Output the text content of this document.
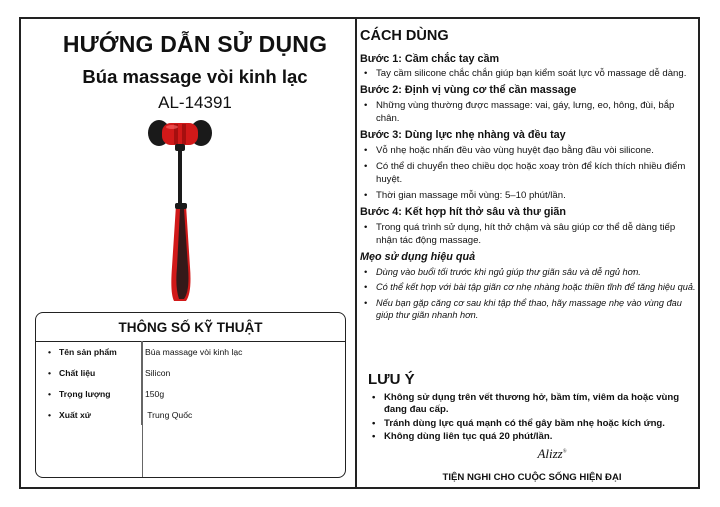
HƯỚNG DẪN SỬ DỤNG
Búa massage vòi kinh lạc
AL-14391
THÔNG SỐ KỸ THUẬT
• Tên sản phẩm	Búa massage vòi kinh lạc
• Chất liệu	Silicon
• Trọng lượng	150g
• Xuất xứ	Trung Quốc
CÁCH DÙNG
Bước 1: Cầm chắc tay cầm
• Tay cầm silicone chắc chắn giúp bạn kiểm soát lực vỗ massage dễ dàng.
Bước 2: Định vị vùng cơ thể cần massage
• Những vùng thường được massage: vai, gáy, lưng, eo, hông, đùi, bắp chân.
Bước 3: Dùng lực nhẹ nhàng và đều tay
• Vỗ nhẹ hoặc nhấn đều vào vùng huyệt đạo bằng đầu vòi silicone.
• Có thể di chuyển theo chiều dọc hoặc xoay tròn để kích thích nhiều điểm huyệt.
• Thời gian massage mỗi vùng: 5–10 phút/lần.
Bước 4: Kết hợp hít thở sâu và thư giãn
• Trong quá trình sử dụng, hít thở chậm và sâu giúp cơ thể dễ dàng tiếp nhận tác động massage.
Mẹo sử dụng hiệu quả
• Dùng vào buổi tối trước khi ngủ giúp thư giãn sâu và dễ ngủ hơn.
• Có thể kết hợp với bài tập giãn cơ nhẹ nhàng hoặc thiền tĩnh để tăng hiệu quả.
• Nếu bạn gặp căng cơ sau khi tập thể thao, hãy massage nhẹ vào vùng đau giúp thư giãn nhanh hơn.
LƯU Ý
• Không sử dụng trên vết thương hở, bầm tím, viêm da hoặc vùng đang đau cấp.
• Tránh dùng lực quá mạnh có thể gây bầm nhẹ hoặc kích ứng.
• Không dùng liên tục quá 20 phút/lần.
Alizz®
TIỆN NGHI CHO CUỘC SỐNG HIỆN ĐẠI
